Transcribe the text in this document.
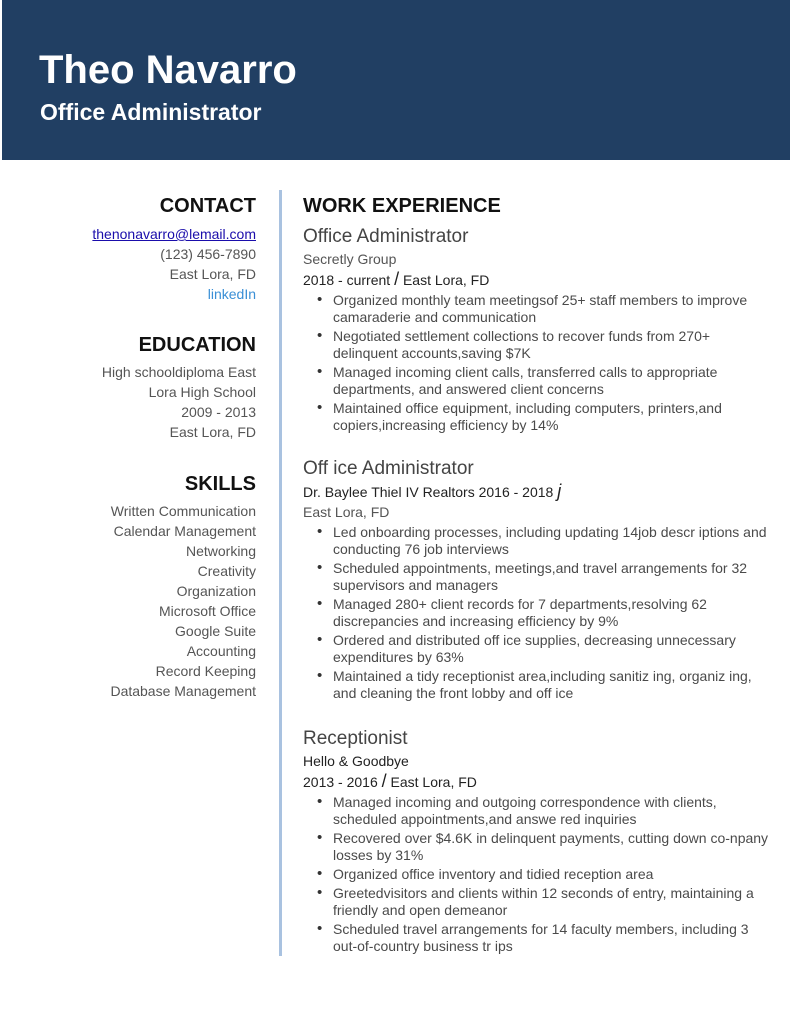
Theo Navarro
Office Administrator
CONTACT
thenonavarro@lemail.com
(123) 456-7890
East Lora, FD
linkedIn
EDUCATION
High schooldiploma East
Lora High School
2009 - 2013
East Lora, FD
SKILLS
Written Communication
Calendar Management
Networking
Creativity
Organization
Microsoft Office
Google Suite
Accounting
Record Keeping
Database Management
WORK EXPERIENCE
Office Administrator
Secretly Group
2018 - current / East Lora, FD
• Organized monthly team meetingsof 25+ staff members to improve camaraderie and communication
• Negotiated settlement collections to recover funds from 270+ delinquent accounts,saving $7K
• Managed incoming client calls, transferred calls to appropriate departments, and answered client concerns
• Maintained office equipment, including computers, printers,and copiers,increasing efficiency by 14%
Off ice Administrator
Dr. Baylee Thiel IV Realtors 2016 - 2018 j
East Lora, FD
• Led onboarding processes, including updating 14job descr iptions and conducting 76 job interviews
• Scheduled appointments, meetings,and travel arrangements for 32 supervisors and managers
• Managed 280+ client records for 7 departments,resolving 62 discrepancies and increasing efficiency by 9%
• Ordered and distributed off ice supplies, decreasing unnecessary expenditures by 63%
• Maintained a tidy receptionist area,including sanitiz ing, organiz ing, and cleaning the front lobby and off ice
Receptionist
Hello & Goodbye
2013 - 2016 / East Lora, FD
• Managed incoming and outgoing correspondence with clients, scheduled appointments,and answe red inquiries
• Recovered over $4.6K in delinquent payments, cutting down co-npany losses by 31%
• Organized office inventory and tidied reception area
• Greetedvisitors and clients within 12 seconds of entry, maintaining a friendly and open demeanor
• Scheduled travel arrangements for 14 faculty members, including 3 out-of-country business tr ips
